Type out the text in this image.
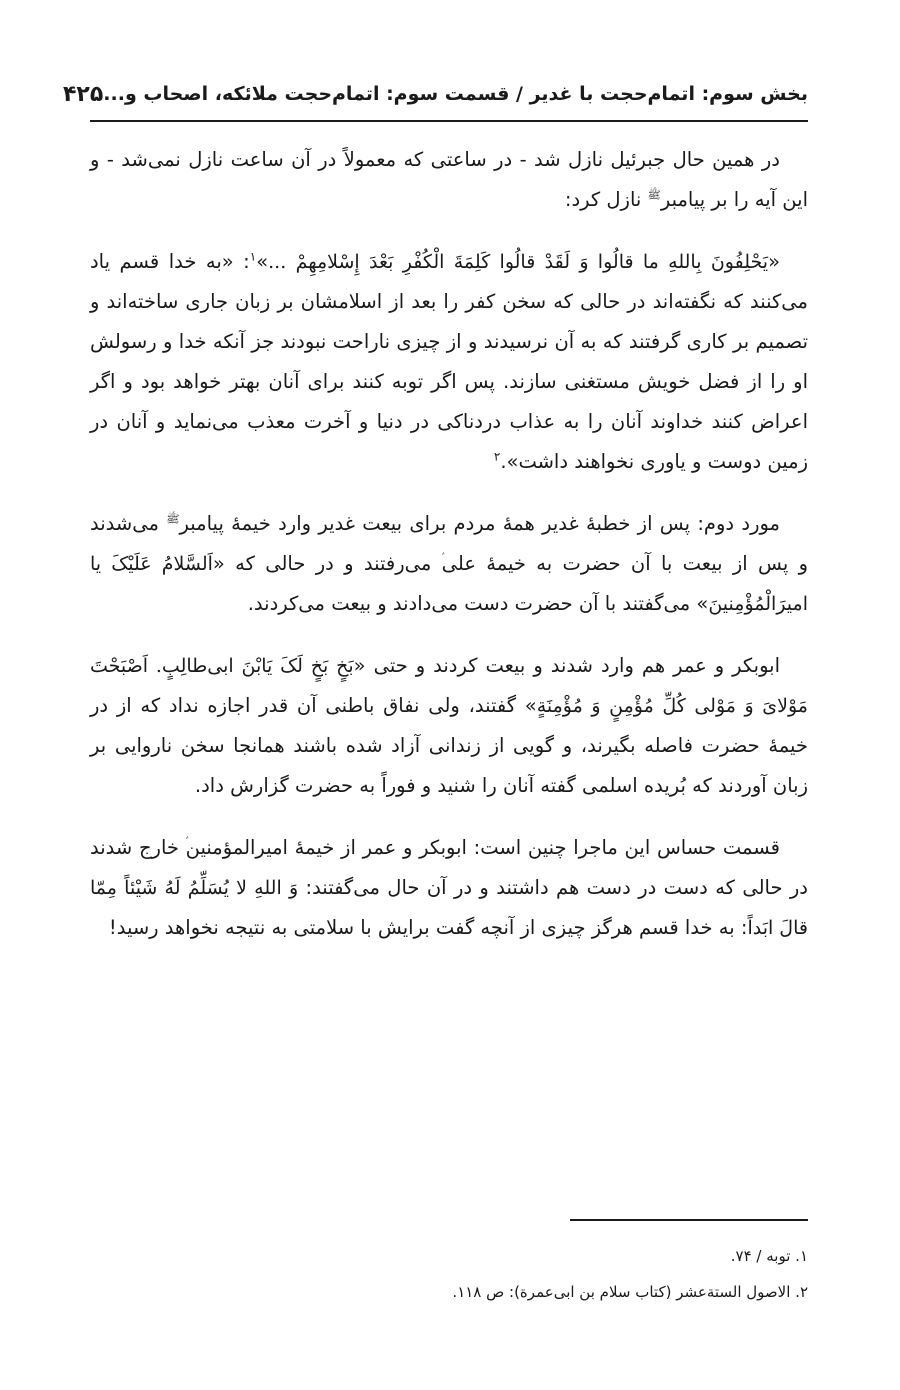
بخش سوم: اتمام‌حجت با غدیر / قسمت سوم: اتمام‌حجت ملائکه، اصحاب و...
۴۲۵

در همین حال جبرئیل نازل شد - در ساعتی که معمولاً در آن ساعت نازل نمی‌شد - و این آیه را بر پیامبر$^ﷺ$ نازل کرد:

«یَحْلِفُونَ بِاللهِ ما قالُوا وَ لَقَدْ قالُوا کَلِمَةَ الْکُفْرِ بَعْدَ إِسْلامِهِمْ ...»$^۱$: «به خدا قسم یاد می‌کنند که نگفته‌اند در حالی که سخن کفر را بعد از اسلامشان بر زبان جاری ساخته‌اند و تصمیم بر کاری گرفتند که به آن نرسیدند و از چیزی ناراحت نبودند جز آنکه خدا و رسولش او را از فضل خویش مستغنی سازند. پس اگر توبه کنند برای آنان بهتر خواهد بود و اگر اعراض کنند خداوند آنان را به عذاب دردناکی در دنیا و آخرت معذب می‌نماید و آنان در زمین دوست و یاوری نخواهند داشت».$^۲$

مورد دوم: پس از خطبهٔ غدیر همهٔ مردم برای بیعت غدیر وارد خیمهٔ پیامبر$^ﷺ$ می‌شدند و پس از بیعت با آن حضرت به خیمهٔ علی می‌رفتند و در حالی که «اَلسَّلامُ عَلَیْکَ یا امیرَالْمُؤْمِنینَ» می‌گفتند با آن حضرت دست می‌دادند و بیعت می‌کردند.

ابوبکر و عمر هم وارد شدند و بیعت کردند و حتی «بَخٍ بَخٍ لَکَ یَابْنَ ابی‌طالِبٍ. اَصْبَحْتَ مَوْلایَ وَ مَوْلی کُلِّ مُؤْمِنٍ وَ مُؤْمِنَةٍ» گفتند، ولی نفاق باطنی آن قدر اجازه نداد که از در خیمهٔ حضرت فاصله بگیرند، و گویی از زندانی آزاد شده باشند همانجا سخن ناروایی بر زبان آوردند که بُریده اسلمی گفته آنان را شنید و فوراً به حضرت گزارش داد.

قسمت حساس این ماجرا چنین است: ابوبکر و عمر از خیمهٔ امیرالمؤمنین خارج شدند در حالی که دست در دست هم داشتند و در آن حال می‌گفتند: وَ اللهِ لا یُسَلِّمُ لَهُ شَیْئاً مِمّا قالَ ابَداً: به خدا قسم هرگز چیزی از آنچه گفت برایش با سلامتی به نتیجه نخواهد رسید!

۱. توبه / ۷۴.

۲. الاصول الستة‌عشر (کتاب سلام بن ابی‌عمرة): ص ۱۱۸.
